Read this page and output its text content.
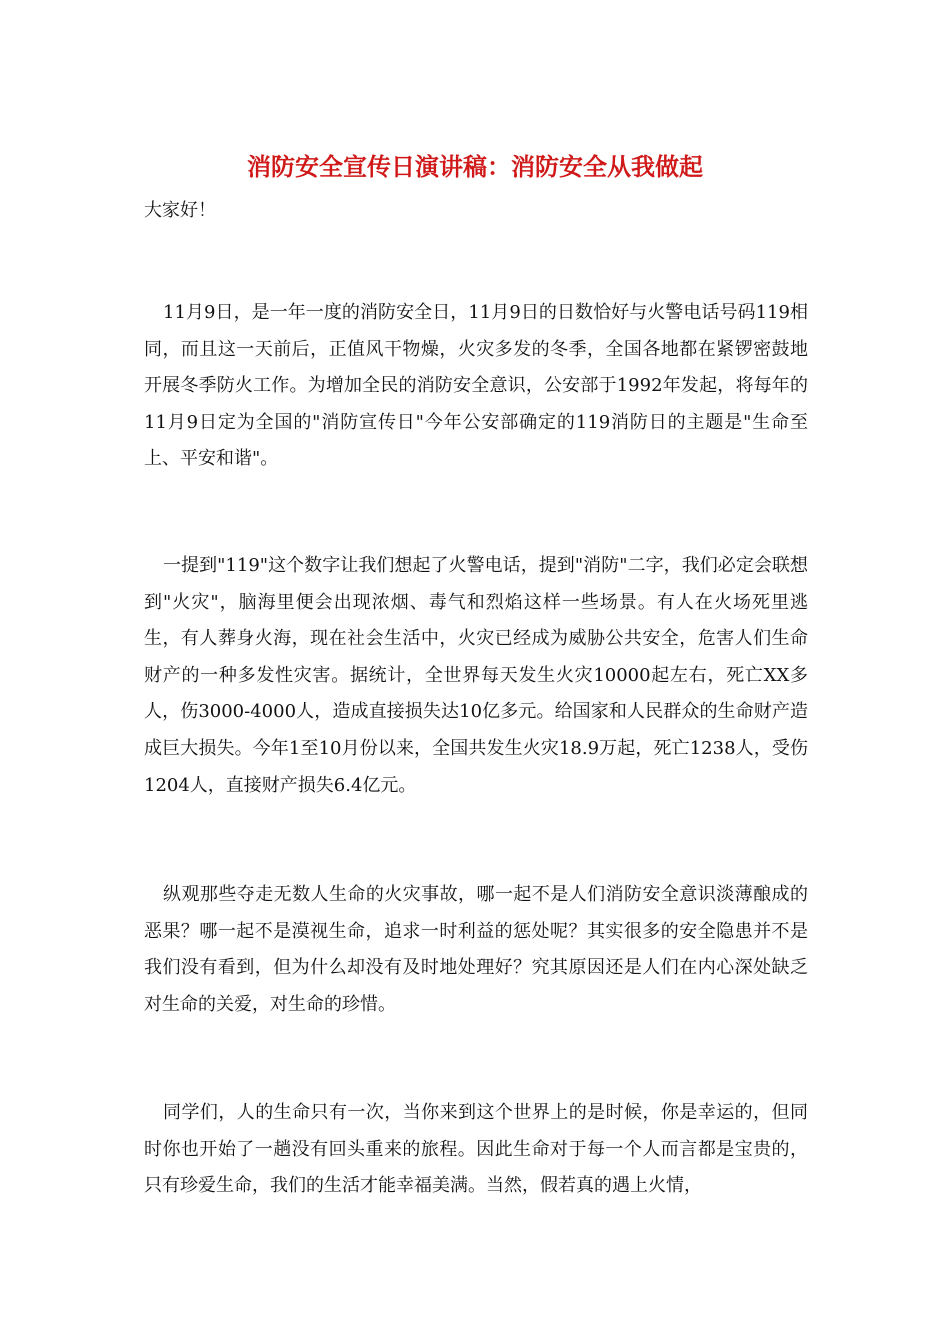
消防安全宣传日演讲稿：消防安全从我做起

大家好！

11月9日，是一年一度的消防安全日，11月9日的日数恰好与火警电话号码119相同，而且这一天前后，正值风干物燥，火灾多发的冬季，全国各地都在紧锣密鼓地开展冬季防火工作。为增加全民的消防安全意识，公安部于1992年发起，将每年的11月9日定为全国的"消防宣传日"今年公安部确定的119消防日的主题是"生命至上、平安和谐"。

一提到"119"这个数字让我们想起了火警电话，提到"消防"二字，我们必定会联想到"火灾"，脑海里便会出现浓烟、毒气和烈焰这样一些场景。有人在火场死里逃生，有人葬身火海，现在社会生活中，火灾已经成为威胁公共安全，危害人们生命财产的一种多发性灾害。据统计，全世界每天发生火灾10000起左右，死亡XX多人，伤3000-4000人，造成直接损失达10亿多元。给国家和人民群众的生命财产造成巨大损失。今年1至10月份以来，全国共发生火灾18.9万起，死亡1238人，受伤1204人，直接财产损失6.4亿元。

纵观那些夺走无数人生命的火灾事故，哪一起不是人们消防安全意识淡薄酿成的恶果？哪一起不是漠视生命，追求一时利益的惩处呢？其实很多的安全隐患并不是我们没有看到，但为什么却没有及时地处理好？究其原因还是人们在内心深处缺乏对生命的关爱，对生命的珍惜。

同学们，人的生命只有一次，当你来到这个世界上的是时候，你是幸运的，但同时你也开始了一趟没有回头重来的旅程。因此生命对于每一个人而言都是宝贵的，只有珍爱生命，我们的生活才能幸福美满。当然，假若真的遇上火情，
